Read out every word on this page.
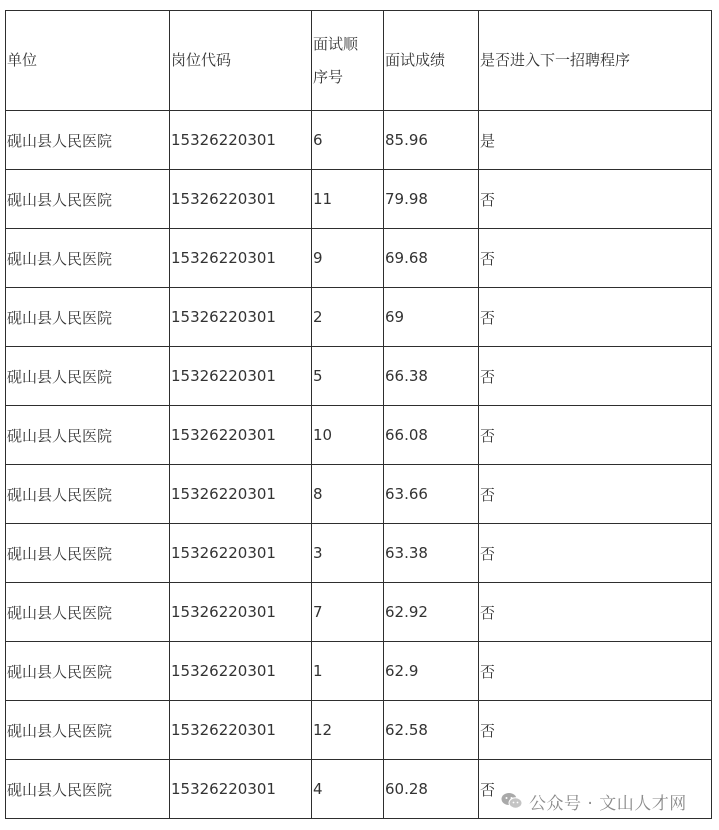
单位	岗位代码	面试顺序号	面试成绩	是否进入下一招聘程序
砚山县人民医院	15326220301	6	85.96	是
砚山县人民医院	15326220301	11	79.98	否
砚山县人民医院	15326220301	9	69.68	否
砚山县人民医院	15326220301	2	69	否
砚山县人民医院	15326220301	5	66.38	否
砚山县人民医院	15326220301	10	66.08	否
砚山县人民医院	15326220301	8	63.66	否
砚山县人民医院	15326220301	3	63.38	否
砚山县人民医院	15326220301	7	62.92	否
砚山县人民医院	15326220301	1	62.9	否
砚山县人民医院	15326220301	12	62.58	否
砚山县人民医院	15326220301	4	60.28	否
公众号 · 文山人才网
